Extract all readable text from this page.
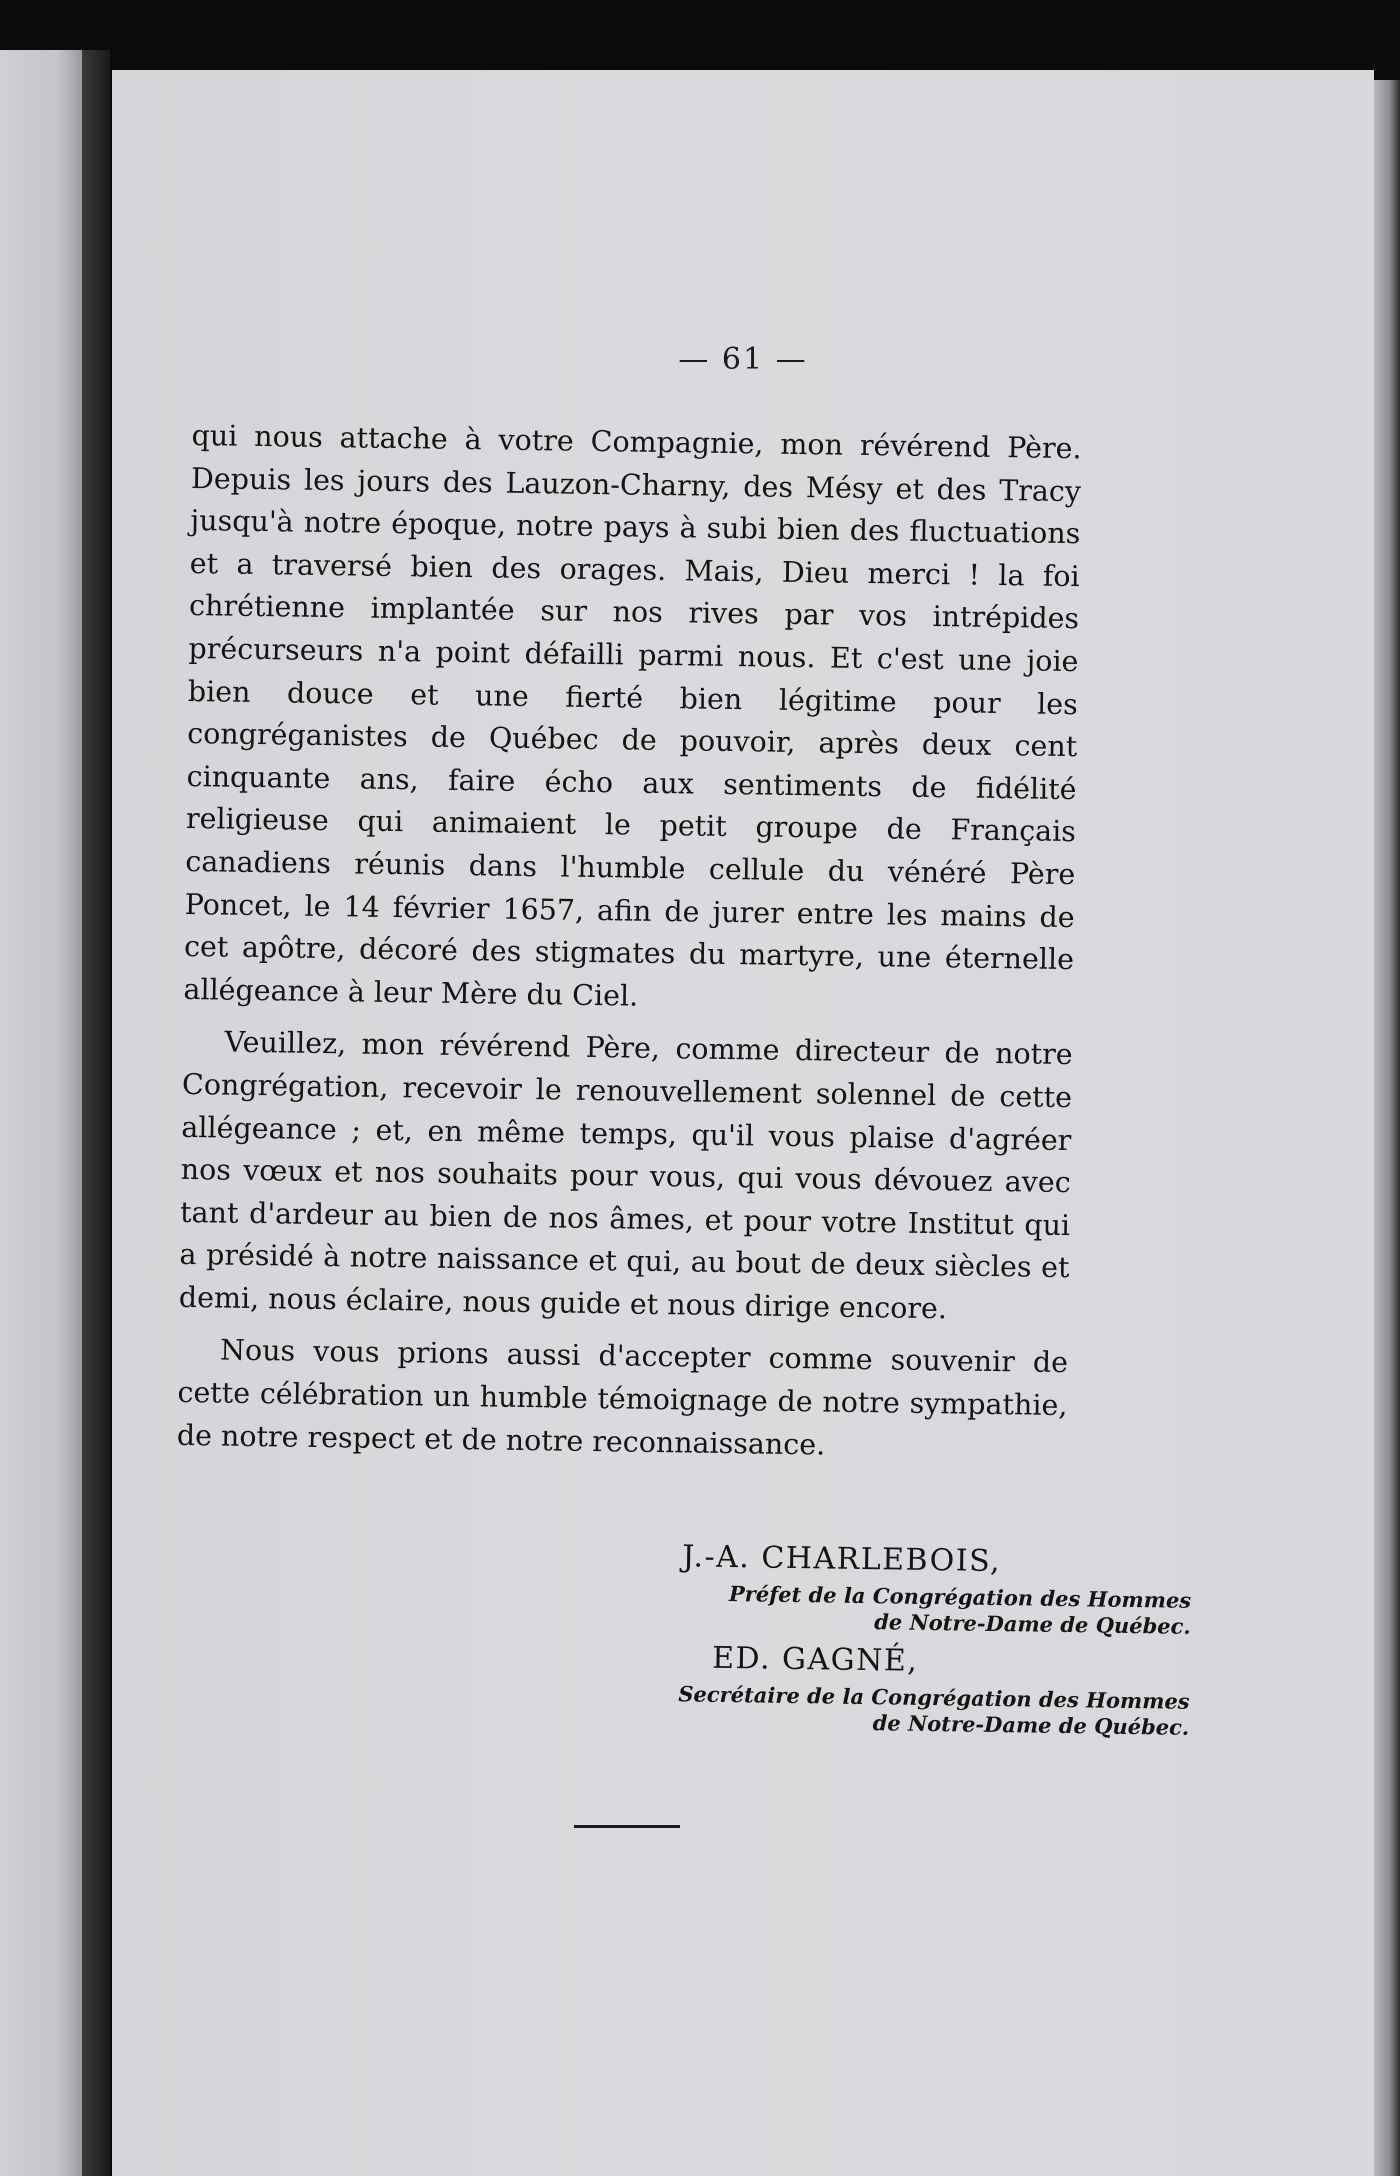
— 61 —

qui nous attache à votre Compagnie, mon révérend Père. Depuis les jours des Lauzon-Charny, des Mésy et des Tracy jusqu'à notre époque, notre pays à subi bien des fluctuations et a traversé bien des orages. Mais, Dieu merci ! la foi chrétienne implantée sur nos rives par vos intrépides précurseurs n'a point défailli parmi nous. Et c'est une joie bien douce et une fierté bien légitime pour les congréganistes de Québec de pouvoir, après deux cent cinquante ans, faire écho aux sentiments de fidélité religieuse qui animaient le petit groupe de Français canadiens réunis dans l'humble cellule du vénéré Père Poncet, le 14 février 1657, afin de jurer entre les mains de cet apôtre, décoré des stigmates du martyre, une éternelle allégeance à leur Mère du Ciel.

Veuillez, mon révérend Père, comme directeur de notre Congrégation, recevoir le renouvellement solennel de cette allégeance ; et, en même temps, qu'il vous plaise d'agréer nos vœux et nos souhaits pour vous, qui vous dévouez avec tant d'ardeur au bien de nos âmes, et pour votre Institut qui a présidé à notre naissance et qui, au bout de deux siècles et demi, nous éclaire, nous guide et nous dirige encore.

Nous vous prions aussi d'accepter comme souvenir de cette célébration un humble témoignage de notre sympathie, de notre respect et de notre reconnaissance.

J.-A. CHARLEBOIS,

Préfet de la Congrégation des Hommes
de Notre-Dame de Québec.

ED. GAGNÉ,

Secrétaire de la Congrégation des Hommes
de Notre-Dame de Québec.
